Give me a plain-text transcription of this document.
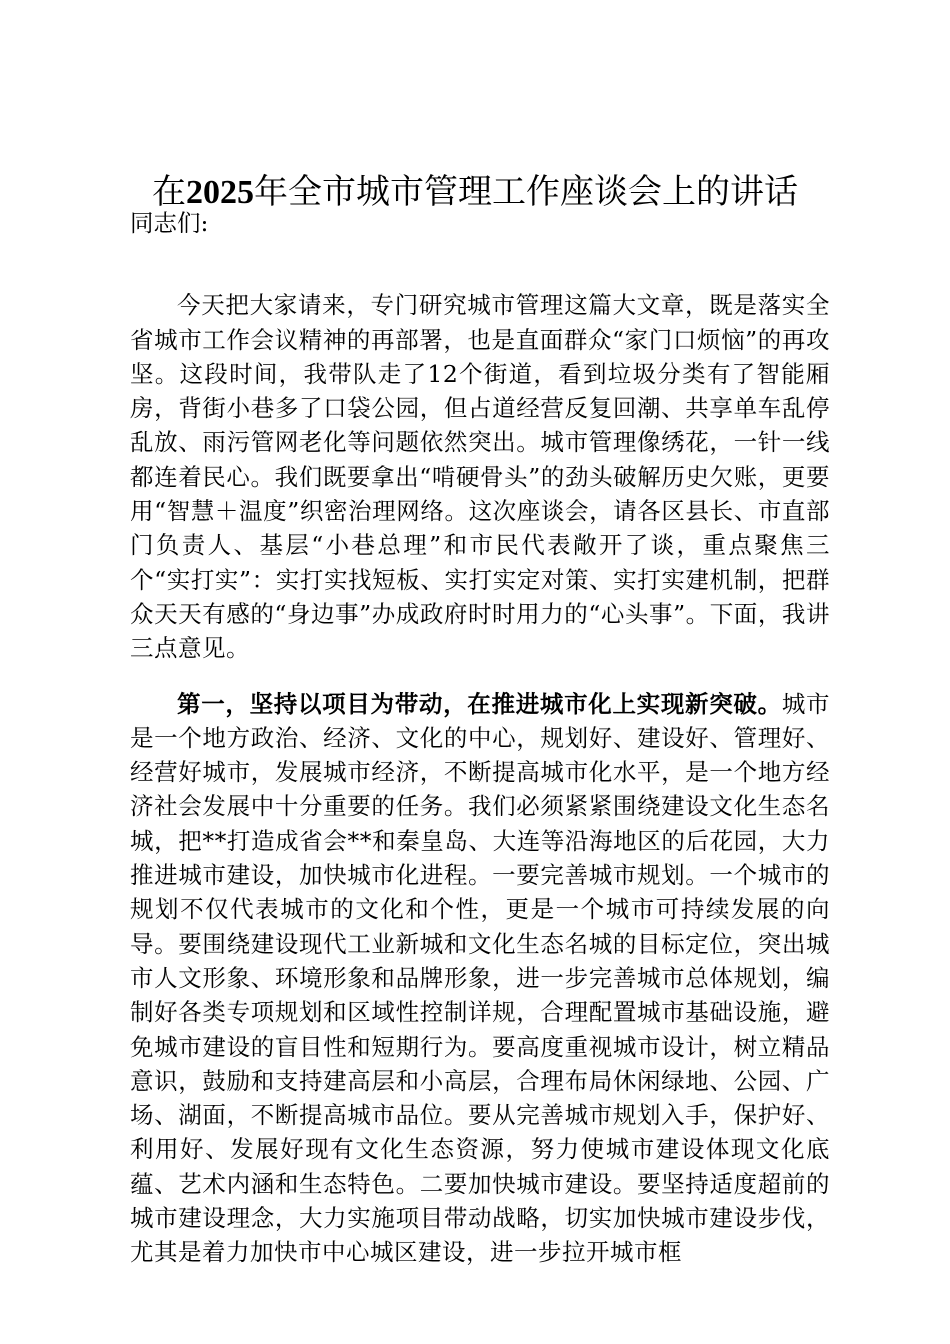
在2025年全市城市管理工作座谈会上的讲话

同志们:

今天把大家请来，专门研究城市管理这篇大文章，既是落实全省城市工作会议精神的再部署，也是直面群众“家门口烦恼”的再攻坚。这段时间，我带队走了12个街道，看到垃圾分类有了智能厢房，背街小巷多了口袋公园，但占道经营反复回潮、共享单车乱停乱放、雨污管网老化等问题依然突出。城市管理像绣花，一针一线都连着民心。我们既要拿出“啃硬骨头”的劲头破解历史欠账，更要用“智慧＋温度”织密治理网络。这次座谈会，请各区县长、市直部门负责人、基层“小巷总理”和市民代表敞开了谈，重点聚焦三个“实打实”：实打实找短板、实打实定对策、实打实建机制，把群众天天有感的“身边事”办成政府时时用力的“心头事”。下面，我讲三点意见。

第一，坚持以项目为带动，在推进城市化上实现新突破。城市是一个地方政治、经济、文化的中心，规划好、建设好、管理好、经营好城市，发展城市经济，不断提高城市化水平，是一个地方经济社会发展中十分重要的任务。我们必须紧紧围绕建设文化生态名城，把**打造成省会**和秦皇岛、大连等沿海地区的后花园，大力推进城市建设，加快城市化进程。一要完善城市规划。一个城市的规划不仅代表城市的文化和个性，更是一个城市可持续发展的向导。要围绕建设现代工业新城和文化生态名城的目标定位，突出城市人文形象、环境形象和品牌形象，进一步完善城市总体规划，编制好各类专项规划和区域性控制详规，合理配置城市基础设施，避免城市建设的盲目性和短期行为。要高度重视城市设计，树立精品意识，鼓励和支持建高层和小高层，合理布局休闲绿地、公园、广场、湖面，不断提高城市品位。要从完善城市规划入手，保护好、利用好、发展好现有文化生态资源，努力使城市建设体现文化底蕴、艺术内涵和生态特色。二要加快城市建设。要坚持适度超前的城市建设理念，大力实施项目带动战略，切实加快城市建设步伐，尤其是着力加快市中心城区建设，进一步拉开城市框
